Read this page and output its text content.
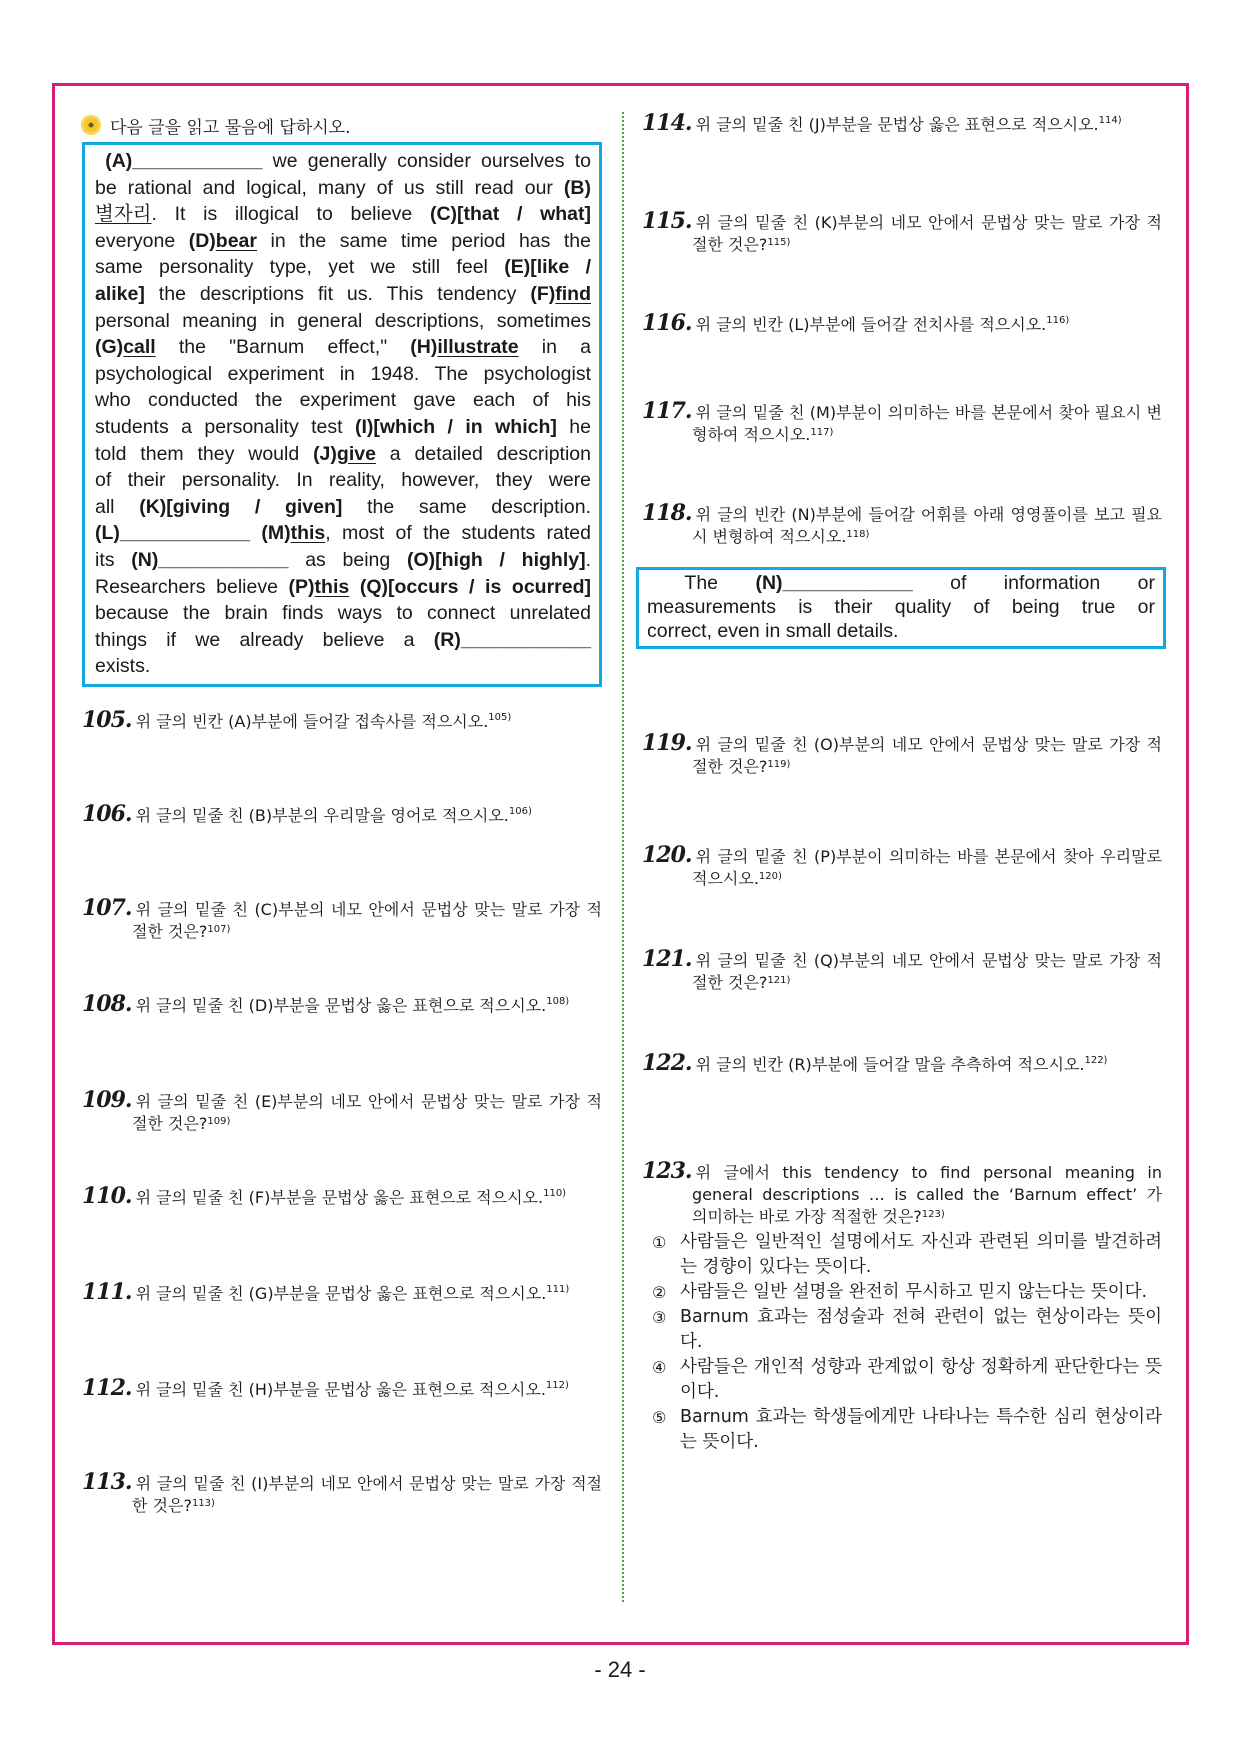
다음 글을 읽고 물음에 답하시오.
(A)____________ we generally consider ourselves to
be rational and logical, many of us still read our (B)
별자리. It is illogical to believe (C)[that / what]
everyone (D)bear in the same time period has the
same personality type, yet we still feel (E)[like /
alike] the descriptions fit us. This tendency (F)find
personal meaning in general descriptions, sometimes
(G)call the "Barnum effect," (H)illustrate in a
psychological experiment in 1948. The psychologist
who conducted the experiment gave each of his
students a personality test (I)[which / in which] he
told them they would (J)give a detailed description
of their personality. In reality, however, they were
all (K)[giving / given] the same description.
(L)____________ (M)this, most of the students rated
its (N)____________ as being (O)[high / highly].
Researchers believe (P)this (Q)[occurs / is ocurred]
because the brain finds ways to connect unrelated
things if we already believe a (R)____________
exists.
105. 위 글의 빈칸 (A)부분에 들어갈 접속사를 적으시오.$^{105)}$
106. 위 글의 밑줄 친 (B)부분의 우리말을 영어로 적으시오.$^{106)}$
107. 위 글의 밑줄 친 (C)부분의 네모 안에서 문법상 맞는 말로 가장 적
절한 것은?$^{107)}$
108. 위 글의 밑줄 친 (D)부분을 문법상 옳은 표현으로 적으시오.$^{108)}$
109. 위 글의 밑줄 친 (E)부분의 네모 안에서 문법상 맞는 말로 가장 적
절한 것은?$^{109)}$
110. 위 글의 밑줄 친 (F)부분을 문법상 옳은 표현으로 적으시오.$^{110)}$
111. 위 글의 밑줄 친 (G)부분을 문법상 옳은 표현으로 적으시오.$^{111)}$
112. 위 글의 밑줄 친 (H)부분을 문법상 옳은 표현으로 적으시오.$^{112)}$
113. 위 글의 밑줄 친 (I)부분의 네모 안에서 문법상 맞는 말로 가장 적절
한 것은?$^{113)}$
114. 위 글의 밑줄 친 (J)부분을 문법상 옳은 표현으로 적으시오.$^{114)}$
115. 위 글의 밑줄 친 (K)부분의 네모 안에서 문법상 맞는 말로 가장 적
절한 것은?$^{115)}$
116. 위 글의 빈칸 (L)부분에 들어갈 전치사를 적으시오.$^{116)}$
117. 위 글의 밑줄 친 (M)부분이 의미하는 바를 본문에서 찾아 필요시 변
형하여 적으시오.$^{117)}$
118. 위 글의 빈칸 (N)부분에 들어갈 어휘를 아래 영영풀이를 보고 필요
시 변형하여 적으시오.$^{118)}$
119. 위 글의 밑줄 친 (O)부분의 네모 안에서 문법상 맞는 말로 가장 적
절한 것은?$^{119)}$
120. 위 글의 밑줄 친 (P)부분이 의미하는 바를 본문에서 찾아 우리말로
적으시오.$^{120)}$
121. 위 글의 밑줄 친 (Q)부분의 네모 안에서 문법상 맞는 말로 가장 적
절한 것은?$^{121)}$
122. 위 글의 빈칸 (R)부분에 들어갈 말을 추측하여 적으시오.$^{122)}$
The (N)____________ of information or
measurements is their quality of being true or
correct, even in small details.
123. 위 글에서 this tendency to find personal meaning in
general descriptions … is called the ‘Barnum effect’ 가
의미하는 바로 가장 적절한 것은?$^{123)}$
① 사람들은 일반적인 설명에서도 자신과 관련된 의미를 발견하려는 경향이 있다는 뜻이다.
② 사람들은 일반 설명을 완전히 무시하고 믿지 않는다는 뜻이다.
③ Barnum 효과는 점성술과 전혀 관련이 없는 현상이라는 뜻이다.
④ 사람들은 개인적 성향과 관계없이 항상 정확하게 판단한다는 뜻이다.
⑤ Barnum 효과는 학생들에게만 나타나는 특수한 심리 현상이라는 뜻이다.
- 24 -
